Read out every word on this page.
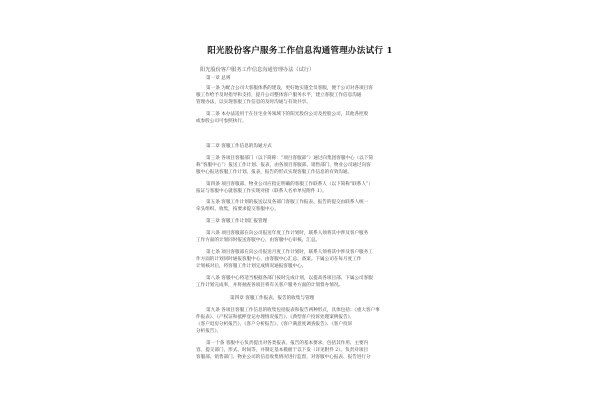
阳光股份客户服务工作信息沟通管理办法试行 1
阳光股份客户服务工作信息沟通管理办法（试行）
第一章 总则
第一条 为配合公司大客服体系的建设，更好地实施全员客服，便于公司对各项目客
服工作给予及时指导和支持，提升公司整体客户服务水平，建立客服工作信息沟通
管理办法，以实现客服工作信息的及时沟通与有效共享。
第二条 本办法适用于在住宅业务领域下的阳光股份公司及控股公司，其他各控股
或参股公司可参照执行。
第二章 客服工作信息的沟通方式
第三条 各项目客服部门（以下简称：“项目客服部”）通过向集团客服中心（以下简
称“客服中心”）报送工作计划、报表，由各项目客服部、销售部门、物业公司通过向客
服中心报送客服工作计划、报表，报告的形式实现客服工作信息的有效沟通。
第四条 项目客服部、物业公司应指定明确的客服工作联系人（以下简称“联系人”）
报证与客服中心就客服工作实现对接（联系人名单单见附件 1）。
第五条 客服工作计划的报送以及各部门客服工作报表、报告的提交由联系人统一
牵头组织、收集，按要求提交客服中心。
第三章 客服工作计划汇报管理
第六条 项目客服部在向公司报送年度工作计划时，联系人须将其中涉及客户服务
工作方面的计划同时报送客服中心，由客服中心审核、汇总。
第七条 项目客服部在向公司报送月度工作计划时，联系人须将其中涉及客户服务工
作方面的计划同时通报客服中心，由客服中心汇总、备案。下属公司在每月度工作
计划核对后，将客服工作计划完成情况通报客服中心。
第八条 客服中心将适当根据各部门按时完成计划，以提高各项目部、下属公司客服
工作计划完成率，并将抽查各项目将有关客户服务方面的计划督办情况。
第四章 客服工作报表、报告的收集与管理
第九条 各项目客服工作信息的收集包括报表和报告两种形式，具体包括：《重大客户事
件报表》、《产权证和抵押登记办理情况报告》、《典型客户投诉处理案例报告》、
《客户退房分析报告》、《客户分析报告》、《客户满意度调查报告》、《客户投诉
分析报告》。
第一十条 客服中心负责提出对各类报表、报告的基本要求，包括其作用、主要内
容、提交部门、形式、时间等，并制定基本模板于以下发（详见附件 2）。负责对项目
客服部、销售部门、物业公司的信息收集情况进行监督，对客服中心报表、报告进行分
